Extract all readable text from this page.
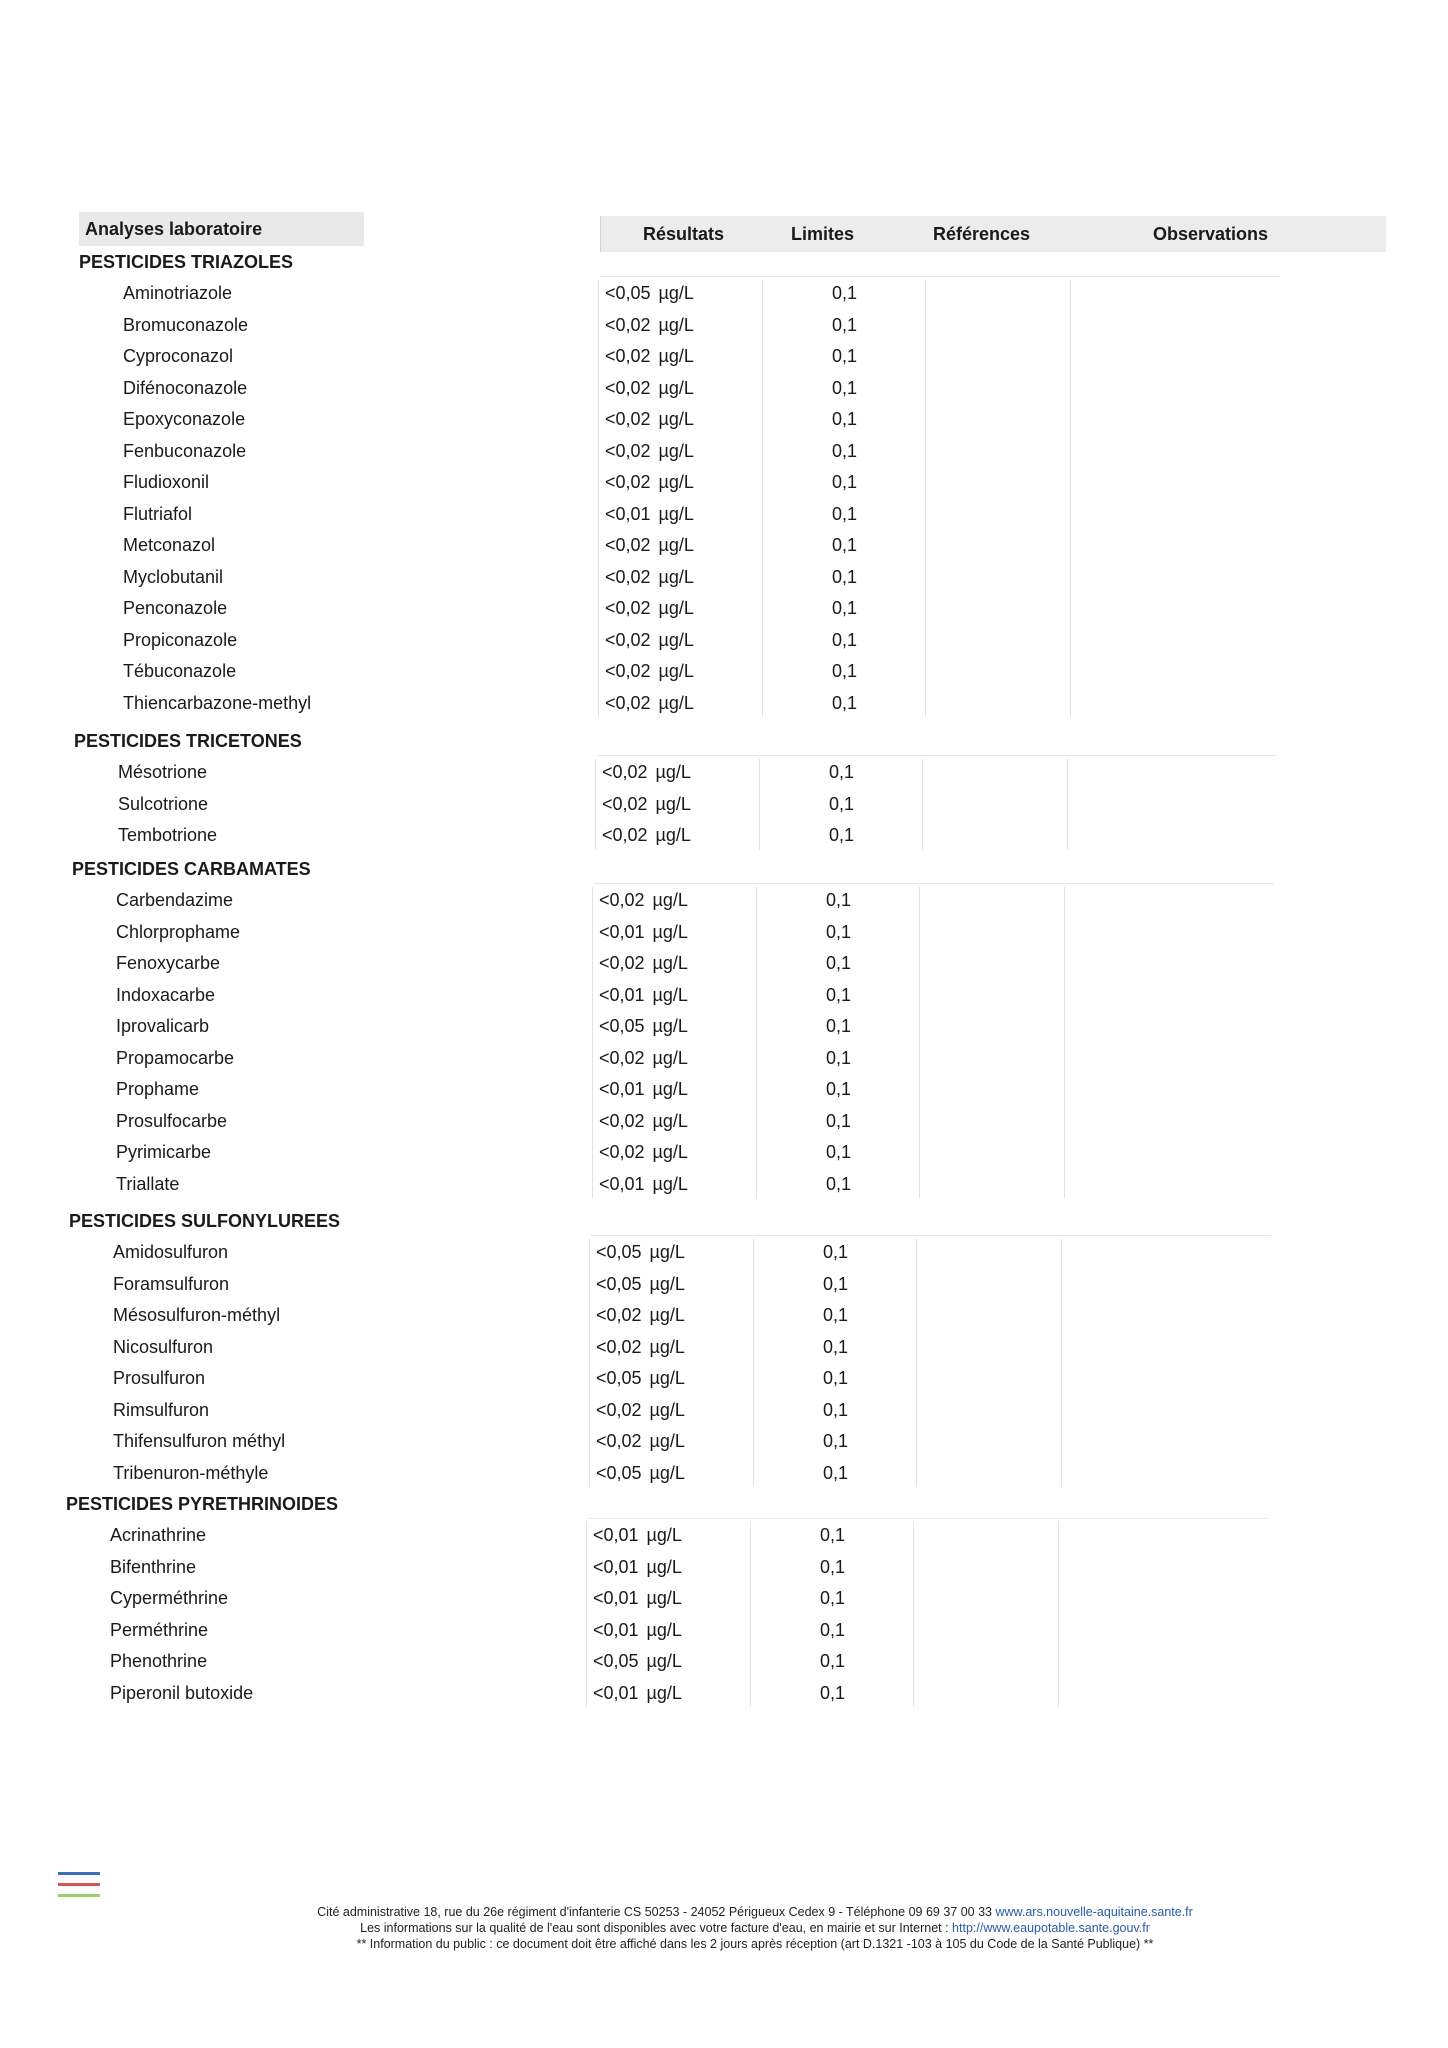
Analyses laboratoire	Résultats	Limites	Références	Observations
PESTICIDES TRIAZOLES
Aminotriazole	<0,05 µg/L	0,1
Bromuconazole	<0,02 µg/L	0,1
Cyproconazol	<0,02 µg/L	0,1
Difénoconazole	<0,02 µg/L	0,1
Epoxyconazole	<0,02 µg/L	0,1
Fenbuconazole	<0,02 µg/L	0,1
Fludioxonil	<0,02 µg/L	0,1
Flutriafol	<0,01 µg/L	0,1
Metconazol	<0,02 µg/L	0,1
Myclobutanil	<0,02 µg/L	0,1
Penconazole	<0,02 µg/L	0,1
Propiconazole	<0,02 µg/L	0,1
Tébuconazole	<0,02 µg/L	0,1
Thiencarbazone-methyl	<0,02 µg/L	0,1
PESTICIDES TRICETONES
Mésotrione	<0,02 µg/L	0,1
Sulcotrione	<0,02 µg/L	0,1
Tembotrione	<0,02 µg/L	0,1
PESTICIDES CARBAMATES
Carbendazime	<0,02 µg/L	0,1
Chlorprophame	<0,01 µg/L	0,1
Fenoxycarbe	<0,02 µg/L	0,1
Indoxacarbe	<0,01 µg/L	0,1
Iprovalicarb	<0,05 µg/L	0,1
Propamocarbe	<0,02 µg/L	0,1
Prophame	<0,01 µg/L	0,1
Prosulfocarbe	<0,02 µg/L	0,1
Pyrimicarbe	<0,02 µg/L	0,1
Triallate	<0,01 µg/L	0,1
PESTICIDES SULFONYLUREES
Amidosulfuron	<0,05 µg/L	0,1
Foramsulfuron	<0,05 µg/L	0,1
Mésosulfuron-méthyl	<0,02 µg/L	0,1
Nicosulfuron	<0,02 µg/L	0,1
Prosulfuron	<0,05 µg/L	0,1
Rimsulfuron	<0,02 µg/L	0,1
Thifensulfuron méthyl	<0,02 µg/L	0,1
Tribenuron-méthyle	<0,05 µg/L	0,1
PESTICIDES PYRETHRINOIDES
Acrinathrine	<0,01 µg/L	0,1
Bifenthrine	<0,01 µg/L	0,1
Cyperméthrine	<0,01 µg/L	0,1
Perméthrine	<0,01 µg/L	0,1
Phenothrine	<0,05 µg/L	0,1
Piperonil butoxide	<0,01 µg/L	0,1
Cité administrative 18, rue du 26e régiment d'infanterie CS 50253 - 24052 Périgueux Cedex 9 - Téléphone 09 69 37 00 33 www.ars.nouvelle-aquitaine.sante.fr
Les informations sur la qualité de l'eau sont disponibles avec votre facture d'eau, en mairie et sur Internet : http://www.eaupotable.sante.gouv.fr
** Information du public : ce document doit être affiché dans les 2 jours après réception (art D.1321 -103 à 105 du Code de la Santé Publique) **
